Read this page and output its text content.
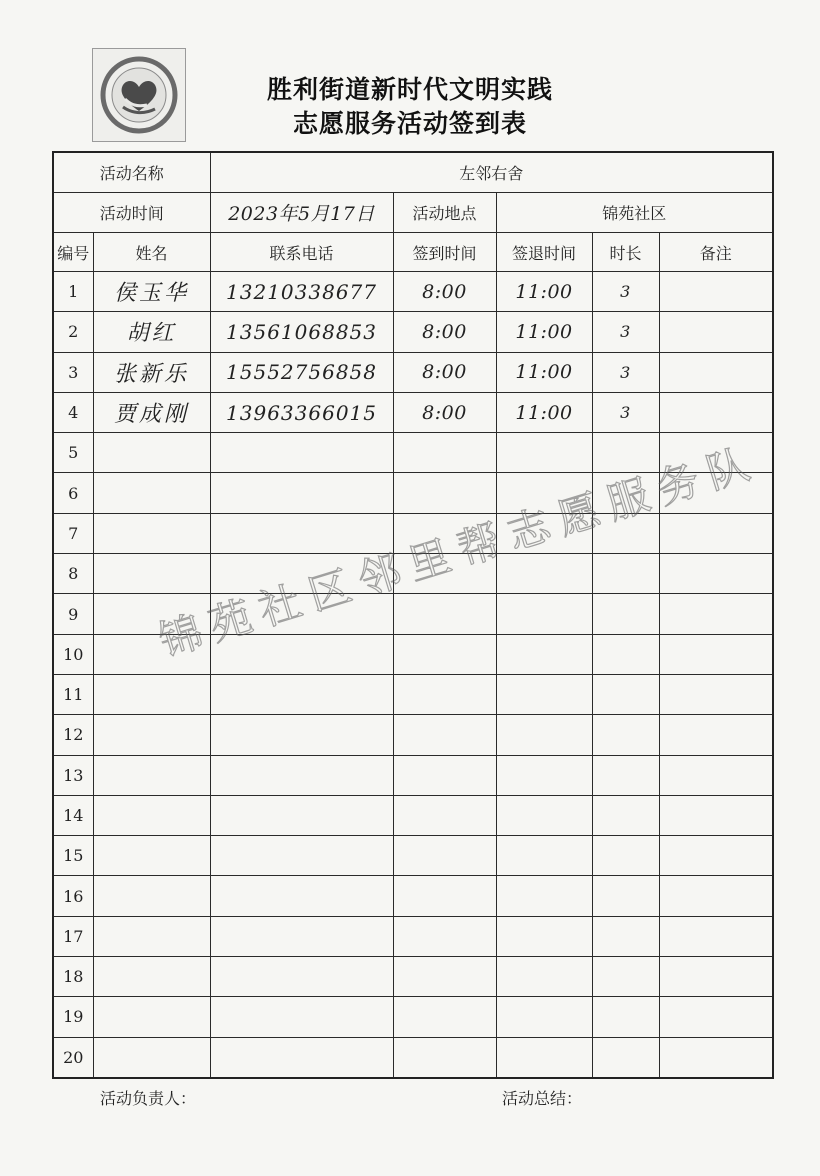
胜利街道新时代文明实践
志愿服务活动签到表
活动名称		左邻右舍				
活动时间		2023年5月17日	活动地点	锦苑社区		
编号	姓名	联系电话	签到时间	签退时间	时长	备注
1	侯玉华	13210338677	8:00	11:00	3	
2	胡红	13561068853	8:00	11:00	3	
3	张新乐	15552756858	8:00	11:00	3	
4	贾成刚	13963366015	8:00	11:00	3	
5						
6						
7						
8						
9						
10						
11						
12						
13						
14						
15						
16						
17						
18						
19						
20						
锦苑社区邻里帮志愿服务队
活动负责人：	活动总结：
